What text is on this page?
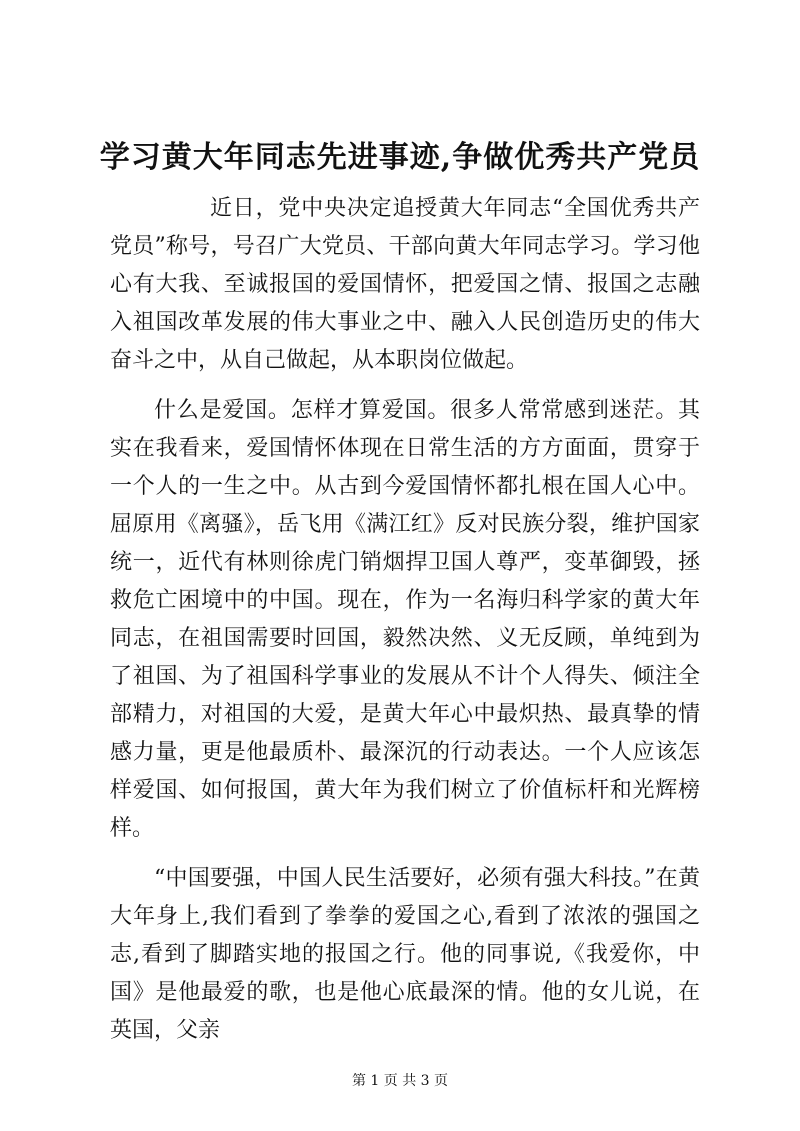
学习黄大年同志先进事迹,争做优秀共产党员

近日，党中央决定追授黄大年同志“全国优秀共产党员”称号，号召广大党员、干部向黄大年同志学习。学习他心有大我、至诚报国的爱国情怀，把爱国之情、报国之志融入祖国改革发展的伟大事业之中、融入人民创造历史的伟大奋斗之中，从自己做起，从本职岗位做起。

什么是爱国。怎样才算爱国。很多人常常感到迷茫。其实在我看来，爱国情怀体现在日常生活的方方面面，贯穿于一个人的一生之中。从古到今爱国情怀都扎根在国人心中。屈原用《离骚》，岳飞用《满江红》反对民族分裂，维护国家统一，近代有林则徐虎门销烟捍卫国人尊严，变革御毁，拯救危亡困境中的中国。现在，作为一名海归科学家的黄大年同志，在祖国需要时回国，毅然决然、义无反顾，单纯到为了祖国、为了祖国科学事业的发展从不计个人得失、倾注全部精力，对祖国的大爱，是黄大年心中最炽热、最真挚的情感力量，更是他最质朴、最深沉的行动表达。一个人应该怎样爱国、如何报国，黄大年为我们树立了价值标杆和光辉榜样。

“中国要强，中国人民生活要好，必须有强大科技。”在黄大年身上,我们看到了拳拳的爱国之心,看到了浓浓的强国之志,看到了脚踏实地的报国之行。他的同事说,《我爱你，中国》是他最爱的歌，也是他心底最深的情。他的女儿说，在英国，父亲

第 1 页 共 3 页
